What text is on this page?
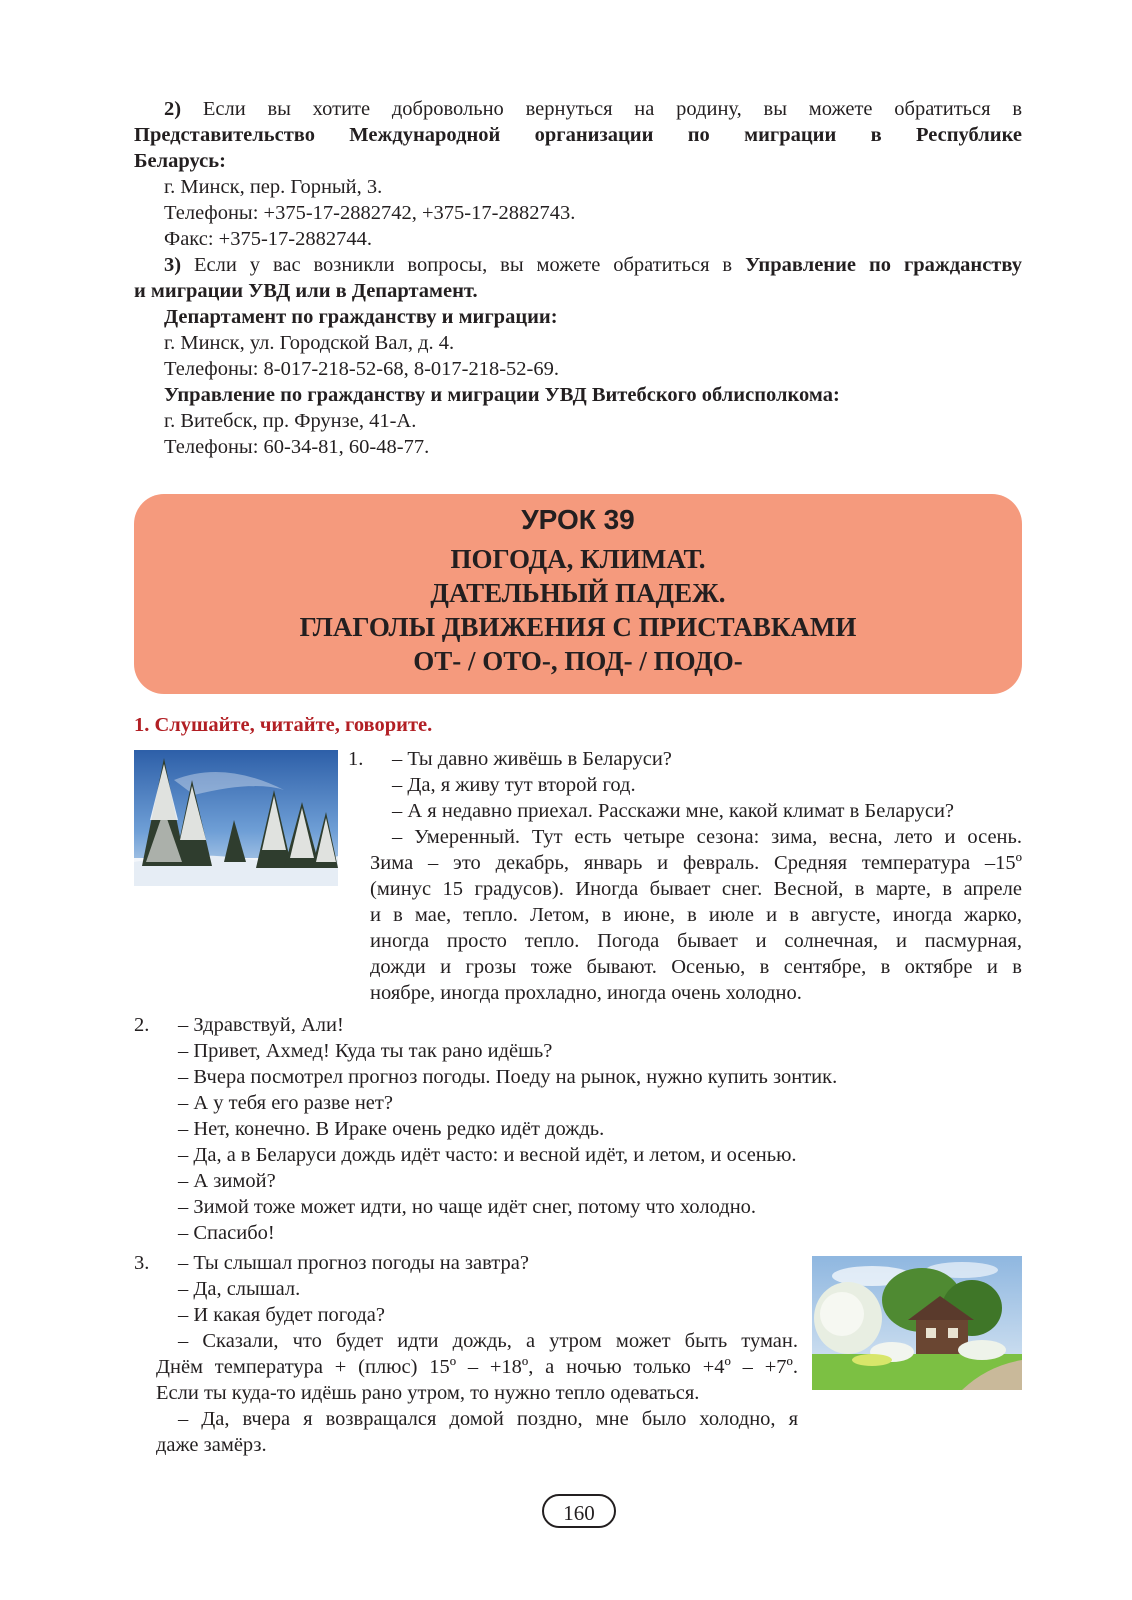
2) Если вы хотите добровольно вернуться на родину, вы можете обратиться в
Представительство Международной организации по миграции в Республике
Беларусь:
г. Минск, пер. Горный, 3.
Телефоны: +375-17-2882742, +375-17-2882743.
Факс: +375-17-2882744.
3) Если у вас возникли вопросы, вы можете обратиться в Управление по гражданству
и миграции УВД или в Департамент.
Департамент по гражданству и миграции:
г. Минск, ул. Городской Вал, д. 4.
Телефоны: 8-017-218-52-68, 8-017-218-52-69.
Управление по гражданству и миграции УВД Витебского облисполкома:
г. Витебск, пр. Фрунзе, 41-А.
Телефоны: 60-34-81, 60-48-77.
УРОК 39
ПОГОДА, КЛИМАТ.
ДАТЕЛЬНЫЙ ПАДЕЖ.
ГЛАГОЛЫ ДВИЖЕНИЯ С ПРИСТАВКАМИ
ОТ- / ОТО-, ПОД- / ПОДО-
1. Слушайте, читайте, говорите.
1. – Ты давно живёшь в Беларуси?
– Да, я живу тут второй год.
– А я недавно приехал. Расскажи мне, какой климат в Беларуси?
– Умеренный. Тут есть четыре сезона: зима, весна, лето и осень.
Зима – это декабрь, январь и февраль. Средняя температура –15º
(минус 15 градусов). Иногда бывает снег. Весной, в марте, в апреле
и в мае, тепло. Летом, в июне, в июле и в августе, иногда жарко,
иногда просто тепло. Погода бывает и солнечная, и пасмурная,
дожди и грозы тоже бывают. Осенью, в сентябре, в октябре и в
ноябре, иногда прохладно, иногда очень холодно.
2. – Здравствуй, Али!
– Привет, Ахмед! Куда ты так рано идёшь?
– Вчера посмотрел прогноз погоды. Поеду на рынок, нужно купить зонтик.
– А у тебя его разве нет?
– Нет, конечно. В Ираке очень редко идёт дождь.
– Да, а в Беларуси дождь идёт часто: и весной идёт, и летом, и осенью.
– А зимой?
– Зимой тоже может идти, но чаще идёт снег, потому что холодно.
– Спасибо!
3. – Ты слышал прогноз погоды на завтра?
– Да, слышал.
– И какая будет погода?
– Сказали, что будет идти дождь, а утром может быть туман.
Днём температура + (плюс) 15º – +18º, а ночью только +4º – +7º.
Если ты куда-то идёшь рано утром, то нужно тепло одеваться.
– Да, вчера я возвращался домой поздно, мне было холодно, я
даже замёрз.
160
